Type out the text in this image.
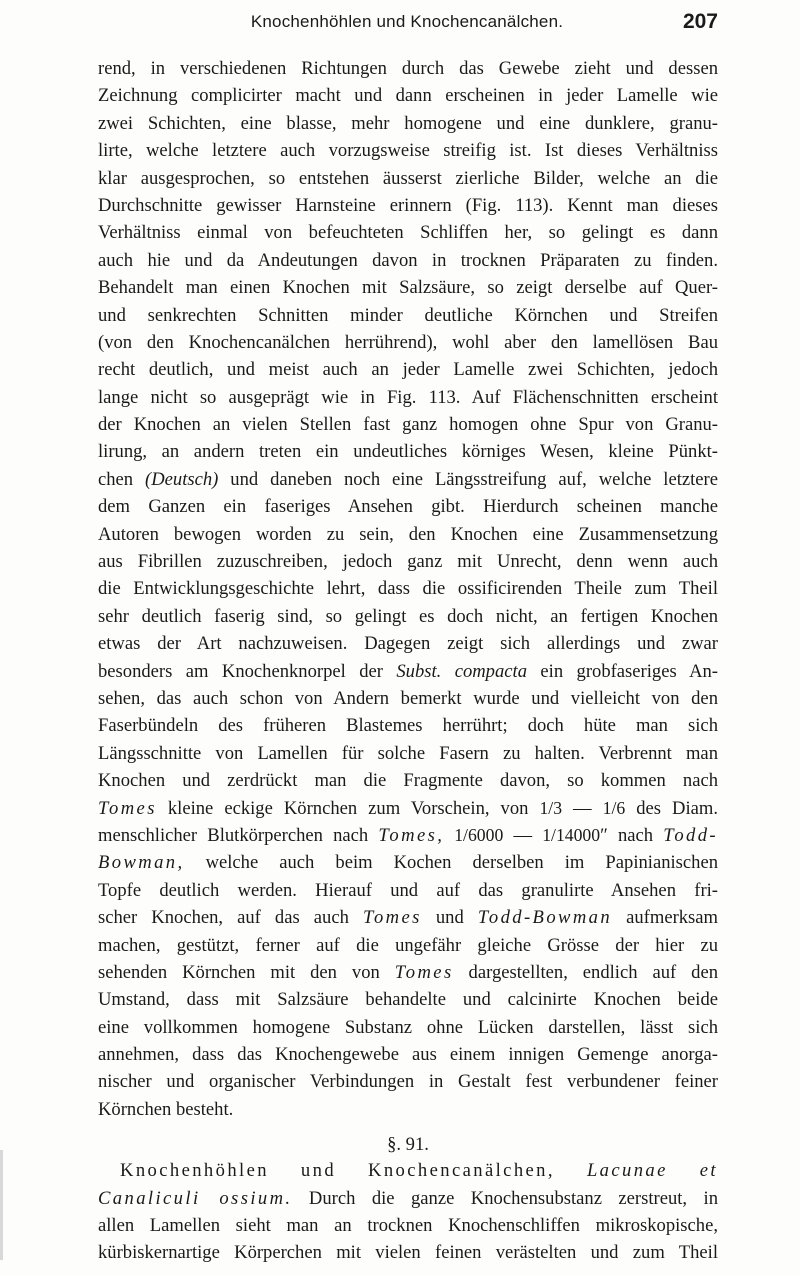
Knochenhöhlen und Knochencanälchen.	207
rend, in verschiedenen Richtungen durch das Gewebe zieht und dessen
Zeichnung complicirter macht und dann erscheinen in jeder Lamelle wie
zwei Schichten, eine blasse, mehr homogene und eine dunklere, granu-
lirte, welche letztere auch vorzugsweise streifig ist. Ist dieses Verhältniss
klar ausgesprochen, so entstehen äusserst zierliche Bilder, welche an die
Durchschnitte gewisser Harnsteine erinnern (Fig. 113). Kennt man dieses
Verhältniss einmal von befeuchteten Schliffen her, so gelingt es dann
auch hie und da Andeutungen davon in trocknen Präparaten zu finden.
Behandelt man einen Knochen mit Salzsäure, so zeigt derselbe auf Quer-
und senkrechten Schnitten minder deutliche Körnchen und Streifen
(von den Knochencanälchen herrührend), wohl aber den lamellösen Bau
recht deutlich, und meist auch an jeder Lamelle zwei Schichten, jedoch
lange nicht so ausgeprägt wie in Fig. 113. Auf Flächenschnitten erscheint
der Knochen an vielen Stellen fast ganz homogen ohne Spur von Granu-
lirung, an andern treten ein undeutliches körniges Wesen, kleine Pünkt-
chen (Deutsch) und daneben noch eine Längsstreifung auf, welche letztere
dem Ganzen ein faseriges Ansehen gibt. Hierdurch scheinen manche
Autoren bewogen worden zu sein, den Knochen eine Zusammensetzung
aus Fibrillen zuzuschreiben, jedoch ganz mit Unrecht, denn wenn auch
die Entwicklungsgeschichte lehrt, dass die ossificirenden Theile zum Theil
sehr deutlich faserig sind, so gelingt es doch nicht, an fertigen Knochen
etwas der Art nachzuweisen. Dagegen zeigt sich allerdings und zwar
besonders am Knochenknorpel der Subst. compacta ein grobfaseriges An-
sehen, das auch schon von Andern bemerkt wurde und vielleicht von den
Faserbündeln des früheren Blastemes herrührt; doch hüte man sich
Längsschnitte von Lamellen für solche Fasern zu halten. Verbrennt man
Knochen und zerdrückt man die Fragmente davon, so kommen nach
Tomes kleine eckige Körnchen zum Vorschein, von 1/3 — 1/6 des Diam.
menschlicher Blutkörperchen nach Tomes, 1/6000 — 1/14000″ nach Todd-
Bowman, welche auch beim Kochen derselben im Papinianischen
Topfe deutlich werden. Hierauf und auf das granulirte Ansehen fri-
scher Knochen, auf das auch Tomes und Todd-Bowman aufmerksam
machen, gestützt, ferner auf die ungefähr gleiche Grösse der hier zu
sehenden Körnchen mit den von Tomes dargestellten, endlich auf den
Umstand, dass mit Salzsäure behandelte und calcinirte Knochen beide
eine vollkommen homogene Substanz ohne Lücken darstellen, lässt sich
annehmen, dass das Knochengewebe aus einem innigen Gemenge anorga-
nischer und organischer Verbindungen in Gestalt fest verbundener feiner
Körnchen besteht.
§. 91.
Knochenhöhlen und Knochencanälchen, Lacunae et
Canaliculi ossium. Durch die ganze Knochensubstanz zerstreut, in
allen Lamellen sieht man an trocknen Knochenschliffen mikroskopische,
kürbiskernartige Körperchen mit vielen feinen verästelten und zum Theil
